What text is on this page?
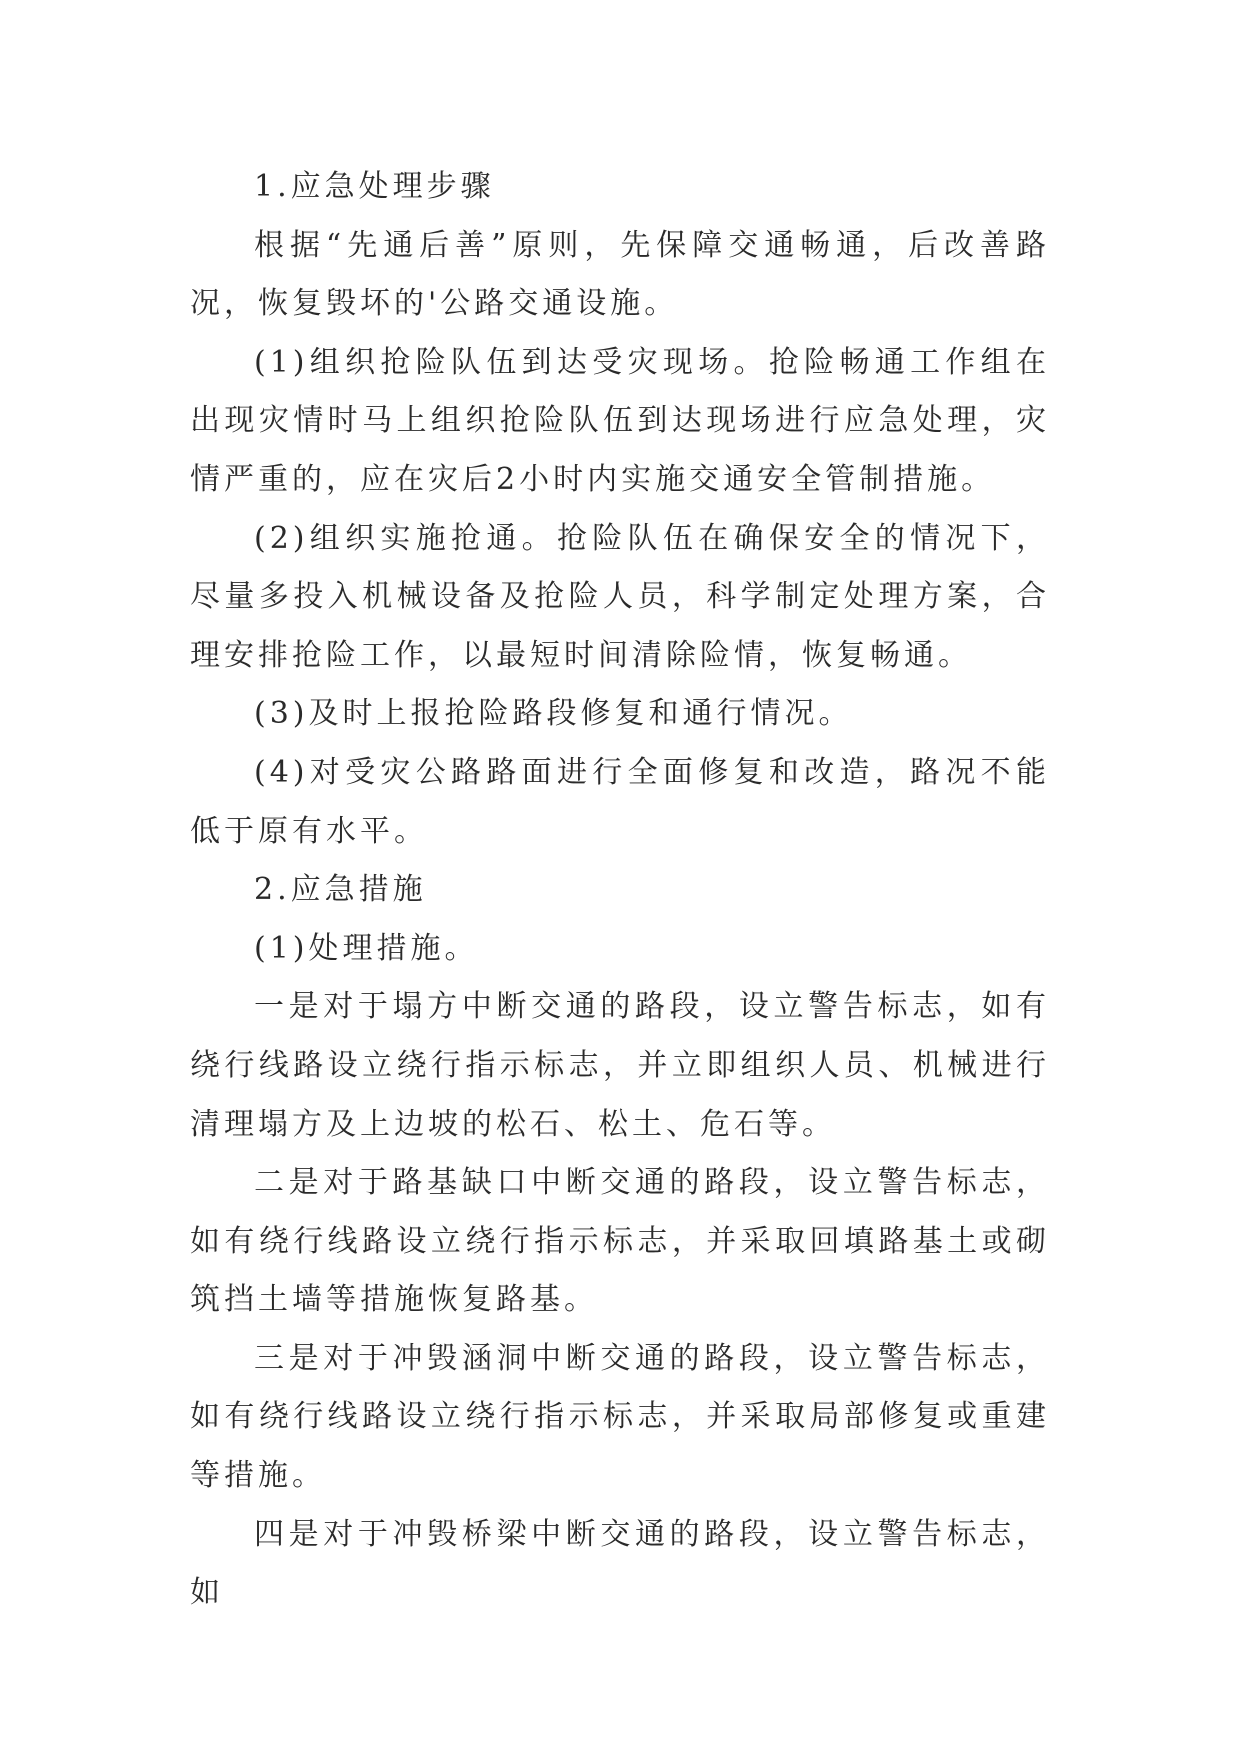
1.应急处理步骤

根据“先通后善”原则，先保障交通畅通，后改善路况，恢复毁坏的'公路交通设施。

(1)组织抢险队伍到达受灾现场。抢险畅通工作组在出现灾情时马上组织抢险队伍到达现场进行应急处理，灾情严重的，应在灾后2小时内实施交通安全管制措施。

(2)组织实施抢通。抢险队伍在确保安全的情况下，尽量多投入机械设备及抢险人员，科学制定处理方案，合理安排抢险工作，以最短时间清除险情，恢复畅通。

(3)及时上报抢险路段修复和通行情况。

(4)对受灾公路路面进行全面修复和改造，路况不能低于原有水平。

2.应急措施

(1)处理措施。

一是对于塌方中断交通的路段，设立警告标志，如有绕行线路设立绕行指示标志，并立即组织人员、机械进行清理塌方及上边坡的松石、松土、危石等。

二是对于路基缺口中断交通的路段，设立警告标志，如有绕行线路设立绕行指示标志，并采取回填路基土或砌筑挡土墙等措施恢复路基。

三是对于冲毁涵洞中断交通的路段，设立警告标志，如有绕行线路设立绕行指示标志，并采取局部修复或重建等措施。

四是对于冲毁桥梁中断交通的路段，设立警告标志，如
